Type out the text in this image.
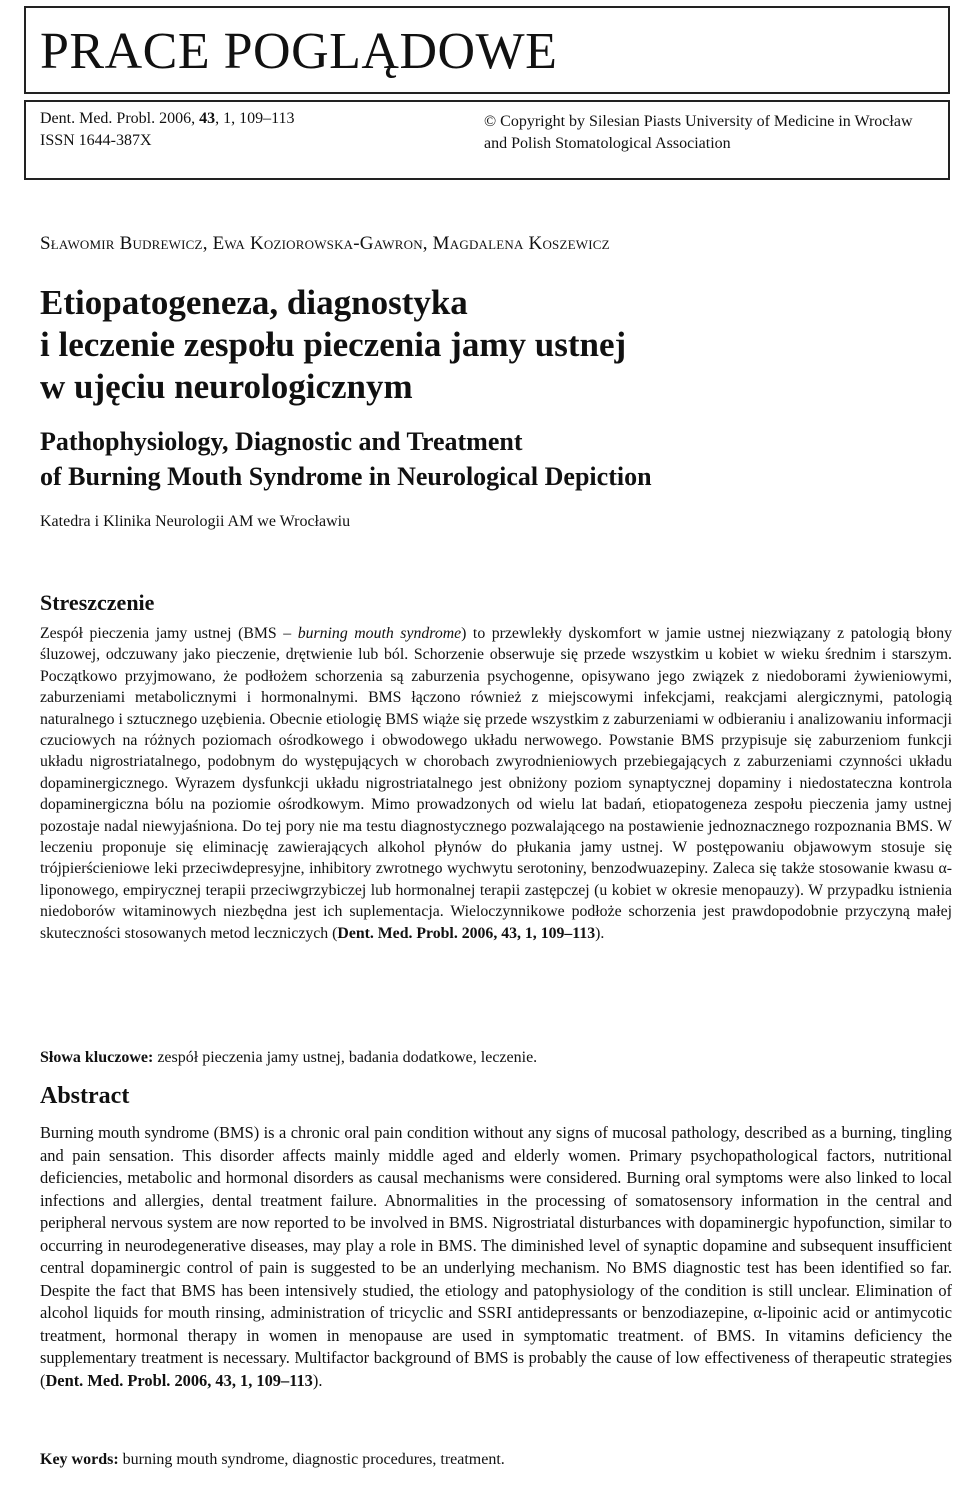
PRACE POGLĄDOWE
Dent. Med. Probl. 2006, 43, 1, 109–113
ISSN 1644-387X
© Copyright by Silesian Piasts University of Medicine in Wrocław
and Polish Stomatological Association
Sławomir Budrewicz, Ewa Koziorowska-Gawron, Magdalena Koszewicz
Etiopatogeneza, diagnostyka
i leczenie zespołu pieczenia jamy ustnej
w ujęciu neurologicznym
Pathophysiology, Diagnostic and Treatment
of Burning Mouth Syndrome in Neurological Depiction
Katedra i Klinika Neurologii AM we Wrocławiu
Streszczenie

Zespół pieczenia jamy ustnej (BMS – burning mouth syndrome) to przewlekły dyskomfort w jamie ustnej niezwiązany z patologią błony śluzowej, odczuwany jako pieczenie, drętwienie lub ból. Schorzenie obserwuje się przede wszystkim u kobiet w wieku średnim i starszym. Początkowo przyjmowano, że podłożem schorzenia są zaburzenia psychogenne, opisywano jego związek z niedoborami żywieniowymi, zaburzeniami metabolicznymi i hormonalnymi. BMS łączono również z miejscowymi infekcjami, reakcjami alergicznymi, patologią naturalnego i sztucznego uzębienia. Obecnie etiologię BMS wiąże się przede wszystkim z zaburzeniami w odbieraniu i analizowaniu informacji czuciowych na różnych poziomach ośrodkowego i obwodowego układu nerwowego. Powstanie BMS przypisuje się zaburzeniom funkcji układu nigrostriatalnego, podobnym do występujących w chorobach zwyrodnieniowych przebiegających z zaburzeniami czynności układu dopaminergicznego. Wyrazem dysfunkcji układu nigrostriatalnego jest obniżony poziom synaptycznej dopaminy i niedostateczna kontrola dopaminergiczna bólu na poziomie ośrodkowym. Mimo prowadzonych od wielu lat badań, etiopatogeneza zespołu pieczenia jamy ustnej pozostaje nadal niewyjaśniona. Do tej pory nie ma testu diagnostycznego pozwalającego na postawienie jednoznacznego rozpoznania BMS. W leczeniu proponuje się eliminację zawierających alkohol płynów do płukania jamy ustnej. W postępowaniu objawowym stosuje się trójpierścieniowe leki przeciwdepresyjne, inhibitory zwrotnego wychwytu serotoniny, benzodwuazepiny. Zaleca się także stosowanie kwasu α-liponowego, empirycznej terapii przeciwgrzybiczej lub hormonalnej terapii zastępczej (u kobiet w okresie menopauzy). W przypadku istnienia niedoborów witaminowych niezbędna jest ich suplementacja. Wieloczynnikowe podłoże schorzenia jest prawdopodobnie przyczyną małej skuteczności stosowanych metod leczniczych (Dent. Med. Probl. 2006, 43, 1, 109–113).

Słowa kluczowe: zespół pieczenia jamy ustnej, badania dodatkowe, leczenie.
Abstract

Burning mouth syndrome (BMS) is a chronic oral pain condition without any signs of mucosal pathology, described as a burning, tingling and pain sensation. This disorder affects mainly middle aged and elderly women. Primary psychopathological factors, nutritional deficiencies, metabolic and hormonal disorders as causal mechanisms were considered. Burning oral symptoms were also linked to local infections and allergies, dental treatment failure. Abnormalities in the processing of somatosensory information in the central and peripheral nervous system are now reported to be involved in BMS. Nigrostriatal disturbances with dopaminergic hypofunction, similar to occurring in neurodegenerative diseases, may play a role in BMS. The diminished level of synaptic dopamine and subsequent insufficient central dopaminergic control of pain is suggested to be an underlying mechanism. No BMS diagnostic test has been identified so far. Despite the fact that BMS has been intensively studied, the etiology and patophysiology of the condition is still unclear. Elimination of alcohol liquids for mouth rinsing, administration of tricyclic and SSRI antidepressants or benzodiazepine, α-lipoinic acid or antimycotic treatment, hormonal therapy in women in menopause are used in symptomatic treatment. of BMS. In vitamins deficiency the supplementary treatment is necessary. Multifactor background of BMS is probably the cause of low effectiveness of therapeutic strategies (Dent. Med. Probl. 2006, 43, 1, 109–113).

Key words: burning mouth syndrome, diagnostic procedures, treatment.
